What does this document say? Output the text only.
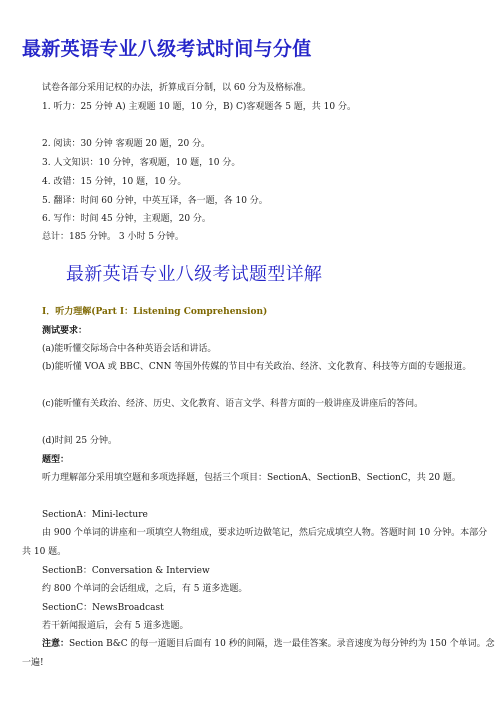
最新英语专业八级考试时间与分值
试卷各部分采用记权的办法，折算成百分制，以 60 分为及格标准。
1. 听力：25 分钟 A) 主观题 10 题，10 分，B) C)客观题各 5 题，共 10 分。
2. 阅读：30 分钟 客观题 20 题，20 分。
3. 人文知识：10 分钟，客观题，10 题，10 分。
4. 改错：15 分钟，10 题，10 分。
5. 翻译：时间 60 分钟，中英互译，各一题，各 10 分。
6. 写作：时间 45 分钟，主观题，20 分。
总计：185 分钟。 3 小时 5 分钟。
最新英语专业八级考试题型详解
I．听力理解(Part I：Listening Comprehension)
测试要求：
(a)能听懂交际场合中各种英语会话和讲话。
(b)能听懂 VOA 或 BBC、CNN 等国外传媒的节目中有关政治、经济、文化教育、科技等方面的专题报道。
(c)能听懂有关政治、经济、历史、文化教育、语言文学、科普方面的一般讲座及讲座后的答问。
(d)时间 25 分钟。
题型：
听力理解部分采用填空题和多项选择题，包括三个项目：SectionA、SectionB、SectionC，共 20 题。
SectionA：Mini-lecture
由 900 个单词的讲座和一项填空人物组成，要求边听边做笔记，然后完成填空人物。答题时间 10 分钟。本部分
共 10 题。
SectionB：Conversation & Interview
约 800 个单词的会话组成，之后，有 5 道多选题。
SectionC：NewsBroadcast
若干新闻报道后，会有 5 道多选题。
注意：Section B&C 的每一道题目后面有 10 秒的间隔，选一最佳答案。录音速度为每分钟约为 150 个单词。念
一遍!
